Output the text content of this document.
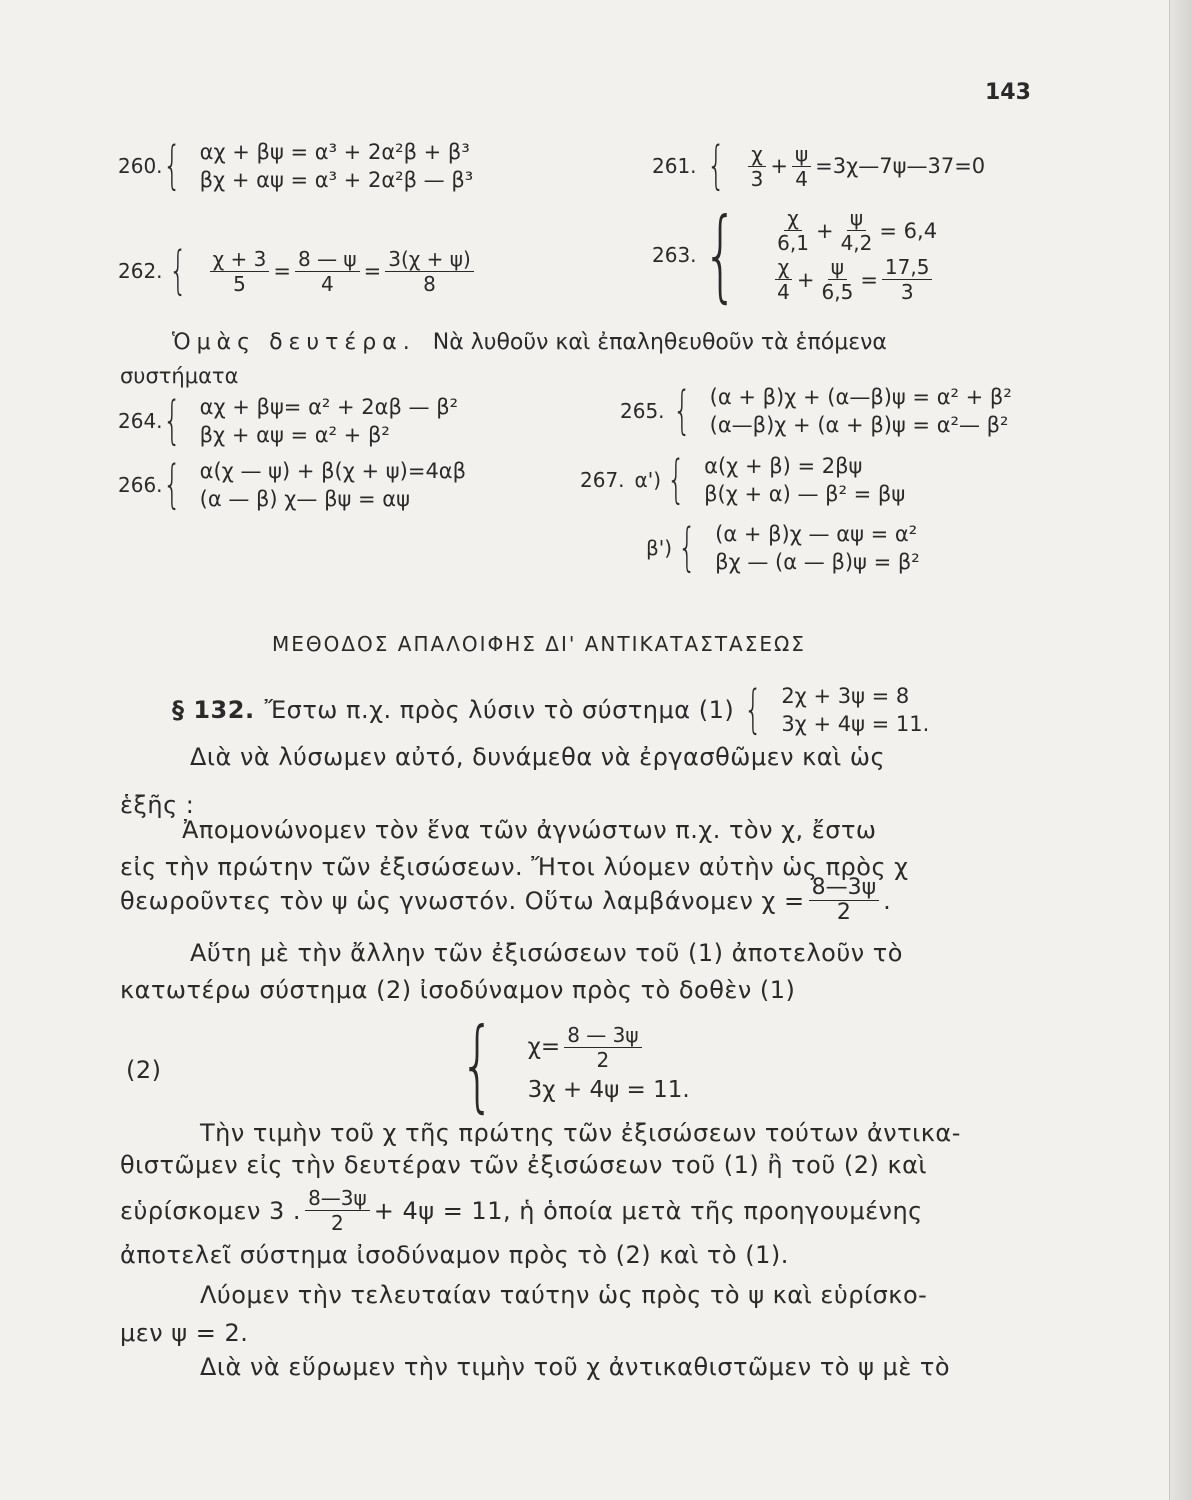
143
260. { αχ + βψ = α³ + 2α²β + β³
βχ + αψ = α³ + 2α²β — β³
261. { $\frac{\chi}{3} + \frac{\psi}{4}$ =3χ—7ψ—37=0
262. { $\frac{\chi + 3}{5} = \frac{8 — \psi}{4} = \frac{3(\chi + \psi)}{8}$	263. { $\frac{\chi}{6,1} + \frac{\psi}{4,2} = 6,4$
$\frac{\chi}{4} + \frac{\psi}{6,5} = \frac{17,5}{3}$
Ὁμὰς δευτέρα. Νὰ λυθοῦν καὶ ἐπαληθευθοῦν τὰ ἑπόμενα
συστήματα
264. { αχ + βψ= α² + 2αβ — β²
βχ + αψ = α² + β²
265. { (α + β)χ + (α—β)ψ = α² + β²
(α—β)χ + (α + β)ψ = α²— β²
266. { α(χ — ψ) + β(χ + ψ)=4αβ
(α — β) χ— βψ = αψ
267. α') { α(χ + β) = 2βψ
β(χ + α) — β² = βψ
β') { (α + β)χ — αψ = α²
βχ — (α — β)ψ = β²
ΜΕΘΟΔΟΣ ΑΠΑΛΟΙΦΗΣ ΔΙ' ΑΝΤΙΚΑΤΑΣΤΑΣΕΩΣ
§ 132. Ἔστω π.χ. πρὸς λύσιν τὸ σύστημα (1) { 2χ + 3ψ = 8
3χ + 4ψ = 11.
Διὰ νὰ λύσωμεν αὐτό, δυνάμεθα νὰ ἐργασθῶμεν καὶ ὡς
ἑξῆς :
Ἀπομονώνομεν τὸν ἕνα τῶν ἀγνώστων π.χ. τὸν χ, ἔστω
εἰς τὴν πρώτην τῶν ἐξισώσεων. Ἤτοι λύομεν αὐτὴν ὡς πρὸς χ
θεωροῦντες τὸν ψ ὡς γνωστόν. Οὕτω λαμβάνομεν $\chi = \frac{8—3\psi}{2}$ .
Αὕτη μὲ τὴν ἄλλην τῶν ἐξισώσεων τοῦ (1) ἀποτελοῦν τὸ
κατωτέρω σύστημα (2) ἰσοδύναμον πρὸς τὸ δοθὲν (1)
(2)	{ $\chi= \frac{8 — 3\psi}{2}$
3χ + 4ψ = 11.
Τὴν τιμὴν τοῦ χ τῆς πρώτης τῶν ἐξισώσεων τούτων ἀντικα-
θιστῶμεν εἰς τὴν δευτέραν τῶν ἐξισώσεων τοῦ (1) ἢ τοῦ (2) καὶ
εὑρίσκομεν 3 . $\frac{8—3\psi}{2} + 4\psi = 11$, ἡ ὁποία μετὰ τῆς προηγουμένης
ἀποτελεῖ σύστημα ἰσοδύναμον πρὸς τὸ (2) καὶ τὸ (1).
Λύομεν τὴν τελευταίαν ταύτην ὡς πρὸς τὸ ψ καὶ εὑρίσκο-
μεν ψ = 2.
Διὰ νὰ εὕρωμεν τὴν τιμὴν τοῦ χ ἀντικαθιστῶμεν τὸ ψ μὲ τὸ
